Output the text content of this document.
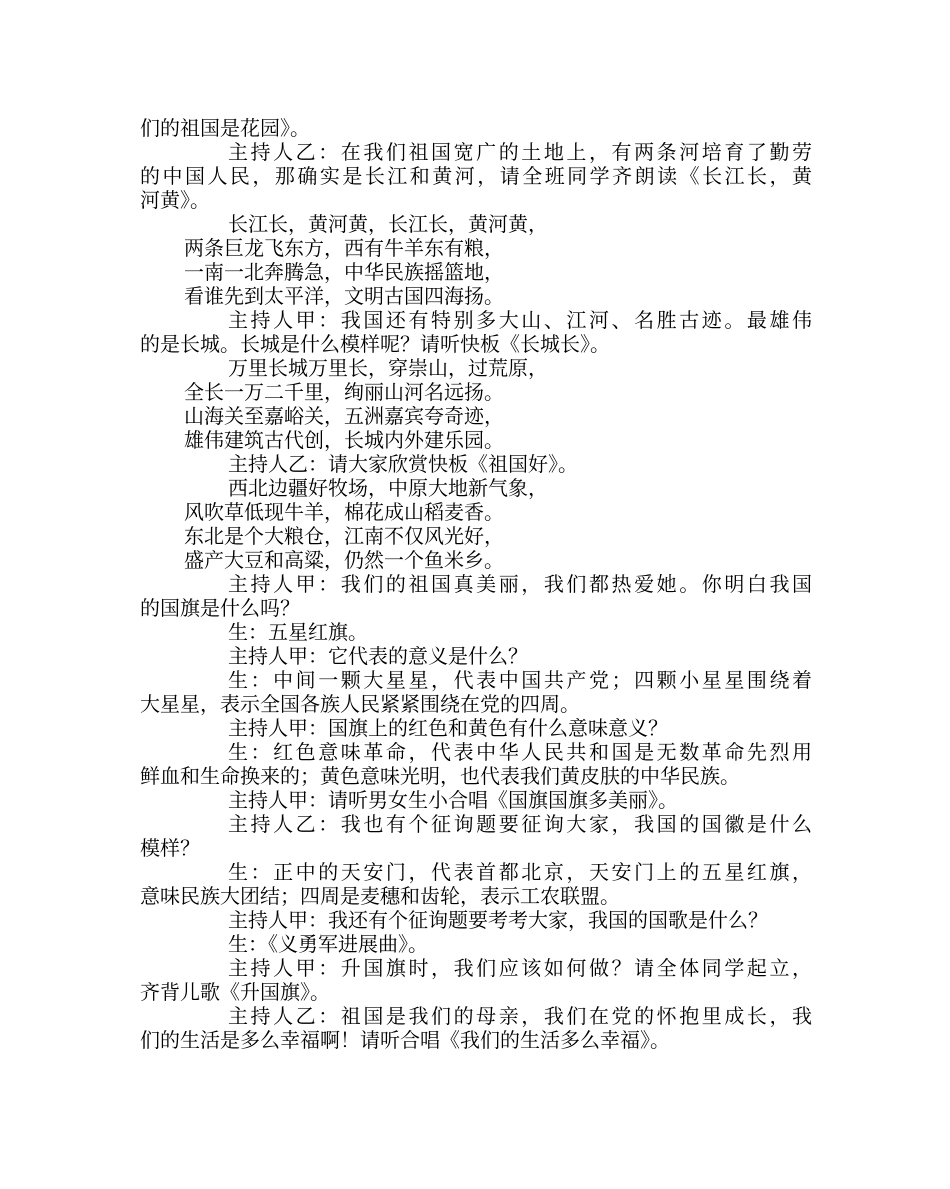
们的祖国是花园》。
主持人乙：在我们祖国宽广的土地上，有两条河培育了勤劳
的中国人民，那确实是长江和黄河，请全班同学齐朗读《长江长，黄
河黄》。
长江长，黄河黄，长江长，黄河黄，
两条巨龙飞东方，西有牛羊东有粮，
一南一北奔腾急，中华民族摇篮地，
看谁先到太平洋，文明古国四海扬。
主持人甲：我国还有特别多大山、江河、名胜古迹。最雄伟
的是长城。长城是什么模样呢？请听快板《长城长》。
万里长城万里长，穿崇山，过荒原，
全长一万二千里，绚丽山河名远扬。
山海关至嘉峪关，五洲嘉宾夸奇迹，
雄伟建筑古代创，长城内外建乐园。
主持人乙：请大家欣赏快板《祖国好》。
西北边疆好牧场，中原大地新气象，
风吹草低现牛羊，棉花成山稻麦香。
东北是个大粮仓，江南不仅风光好，
盛产大豆和高粱，仍然一个鱼米乡。
主持人甲：我们的祖国真美丽，我们都热爱她。你明白我国
的国旗是什么吗？
生：五星红旗。
主持人甲：它代表的意义是什么？
生：中间一颗大星星，代表中国共产党；四颗小星星围绕着
大星星，表示全国各族人民紧紧围绕在党的四周。
主持人甲：国旗上的红色和黄色有什么意味意义？
生：红色意味革命，代表中华人民共和国是无数革命先烈用
鲜血和生命换来的；黄色意味光明，也代表我们黄皮肤的中华民族。
主持人甲：请听男女生小合唱《国旗国旗多美丽》。
主持人乙：我也有个征询题要征询大家，我国的国徽是什么
模样？
生：正中的天安门，代表首都北京，天安门上的五星红旗，
意味民族大团结；四周是麦穗和齿轮，表示工农联盟。
主持人甲：我还有个征询题要考考大家，我国的国歌是什么？
生：《义勇军进展曲》。
主持人甲：升国旗时，我们应该如何做？请全体同学起立，
齐背儿歌《升国旗》。
主持人乙：祖国是我们的母亲，我们在党的怀抱里成长，我
们的生活是多么幸福啊！请听合唱《我们的生活多么幸福》。
